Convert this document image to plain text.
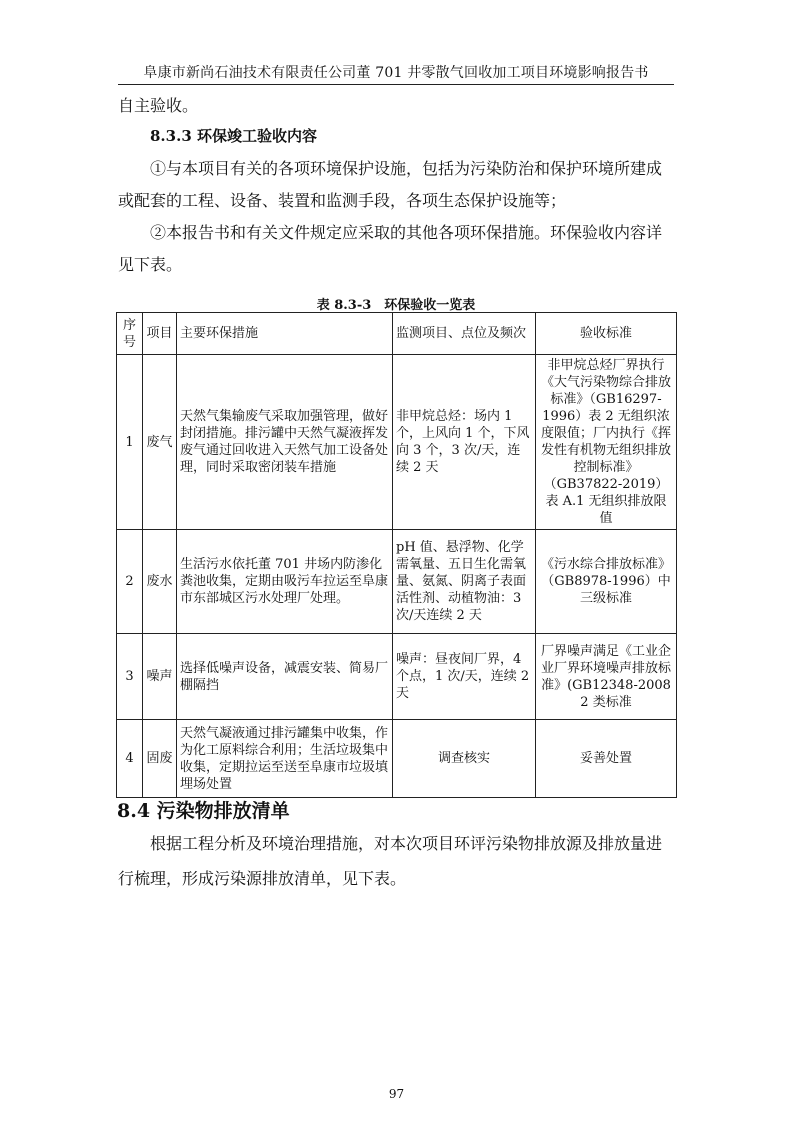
阜康市新尚石油技术有限责任公司董 701 井零散气回收加工项目环境影响报告书
自主验收。
8.3.3 环保竣工验收内容
①与本项目有关的各项环境保护设施，包括为污染防治和保护环境所建成
或配套的工程、设备、装置和监测手段，各项生态保护设施等；
②本报告书和有关文件规定应采取的其他各项环保措施。环保验收内容详
见下表。
表 8.3-3　环保验收一览表
序号	项目	主要环保措施	监测项目、点位及频次	验收标准
1	废气	天然气集输废气采取加强管理，做好封闭措施。排污罐中天然气凝液挥发废气通过回收进入天然气加工设备处理，同时采取密闭装车措施	非甲烷总烃：场内 1 个，上风向 1 个，下风向 3 个，3 次/天，连续 2 天	非甲烷总烃厂界执行《大气污染物综合排放标准》（GB16297-1996）表 2 无组织浓度限值；厂内执行《挥发性有机物无组织排放控制标准》（GB37822-2019）表 A.1 无组织排放限值
2	废水	生活污水依托董 701 井场内防渗化粪池收集，定期由吸污车拉运至阜康市东部城区污水处理厂处理。	pH 值、悬浮物、化学需氧量、五日生化需氧量、氨氮、阴离子表面活性剂、动植物油：3次/天连续 2 天	《污水综合排放标准》（GB8978-1996）中三级标准
3	噪声	选择低噪声设备，减震安装、简易厂棚隔挡	噪声：昼夜间厂界，4 个点，1 次/天，连续 2 天	厂界噪声满足《工业企业厂界环境噪声排放标准》(GB12348-2008 2 类标准
4	固废	天然气凝液通过排污罐集中收集，作为化工原料综合利用；生活垃圾集中收集，定期拉运至送至阜康市垃圾填埋场处置	调查核实	妥善处置
8.4 污染物排放清单
根据工程分析及环境治理措施，对本次项目环评污染物排放源及排放量进
行梳理，形成污染源排放清单，见下表。
97
